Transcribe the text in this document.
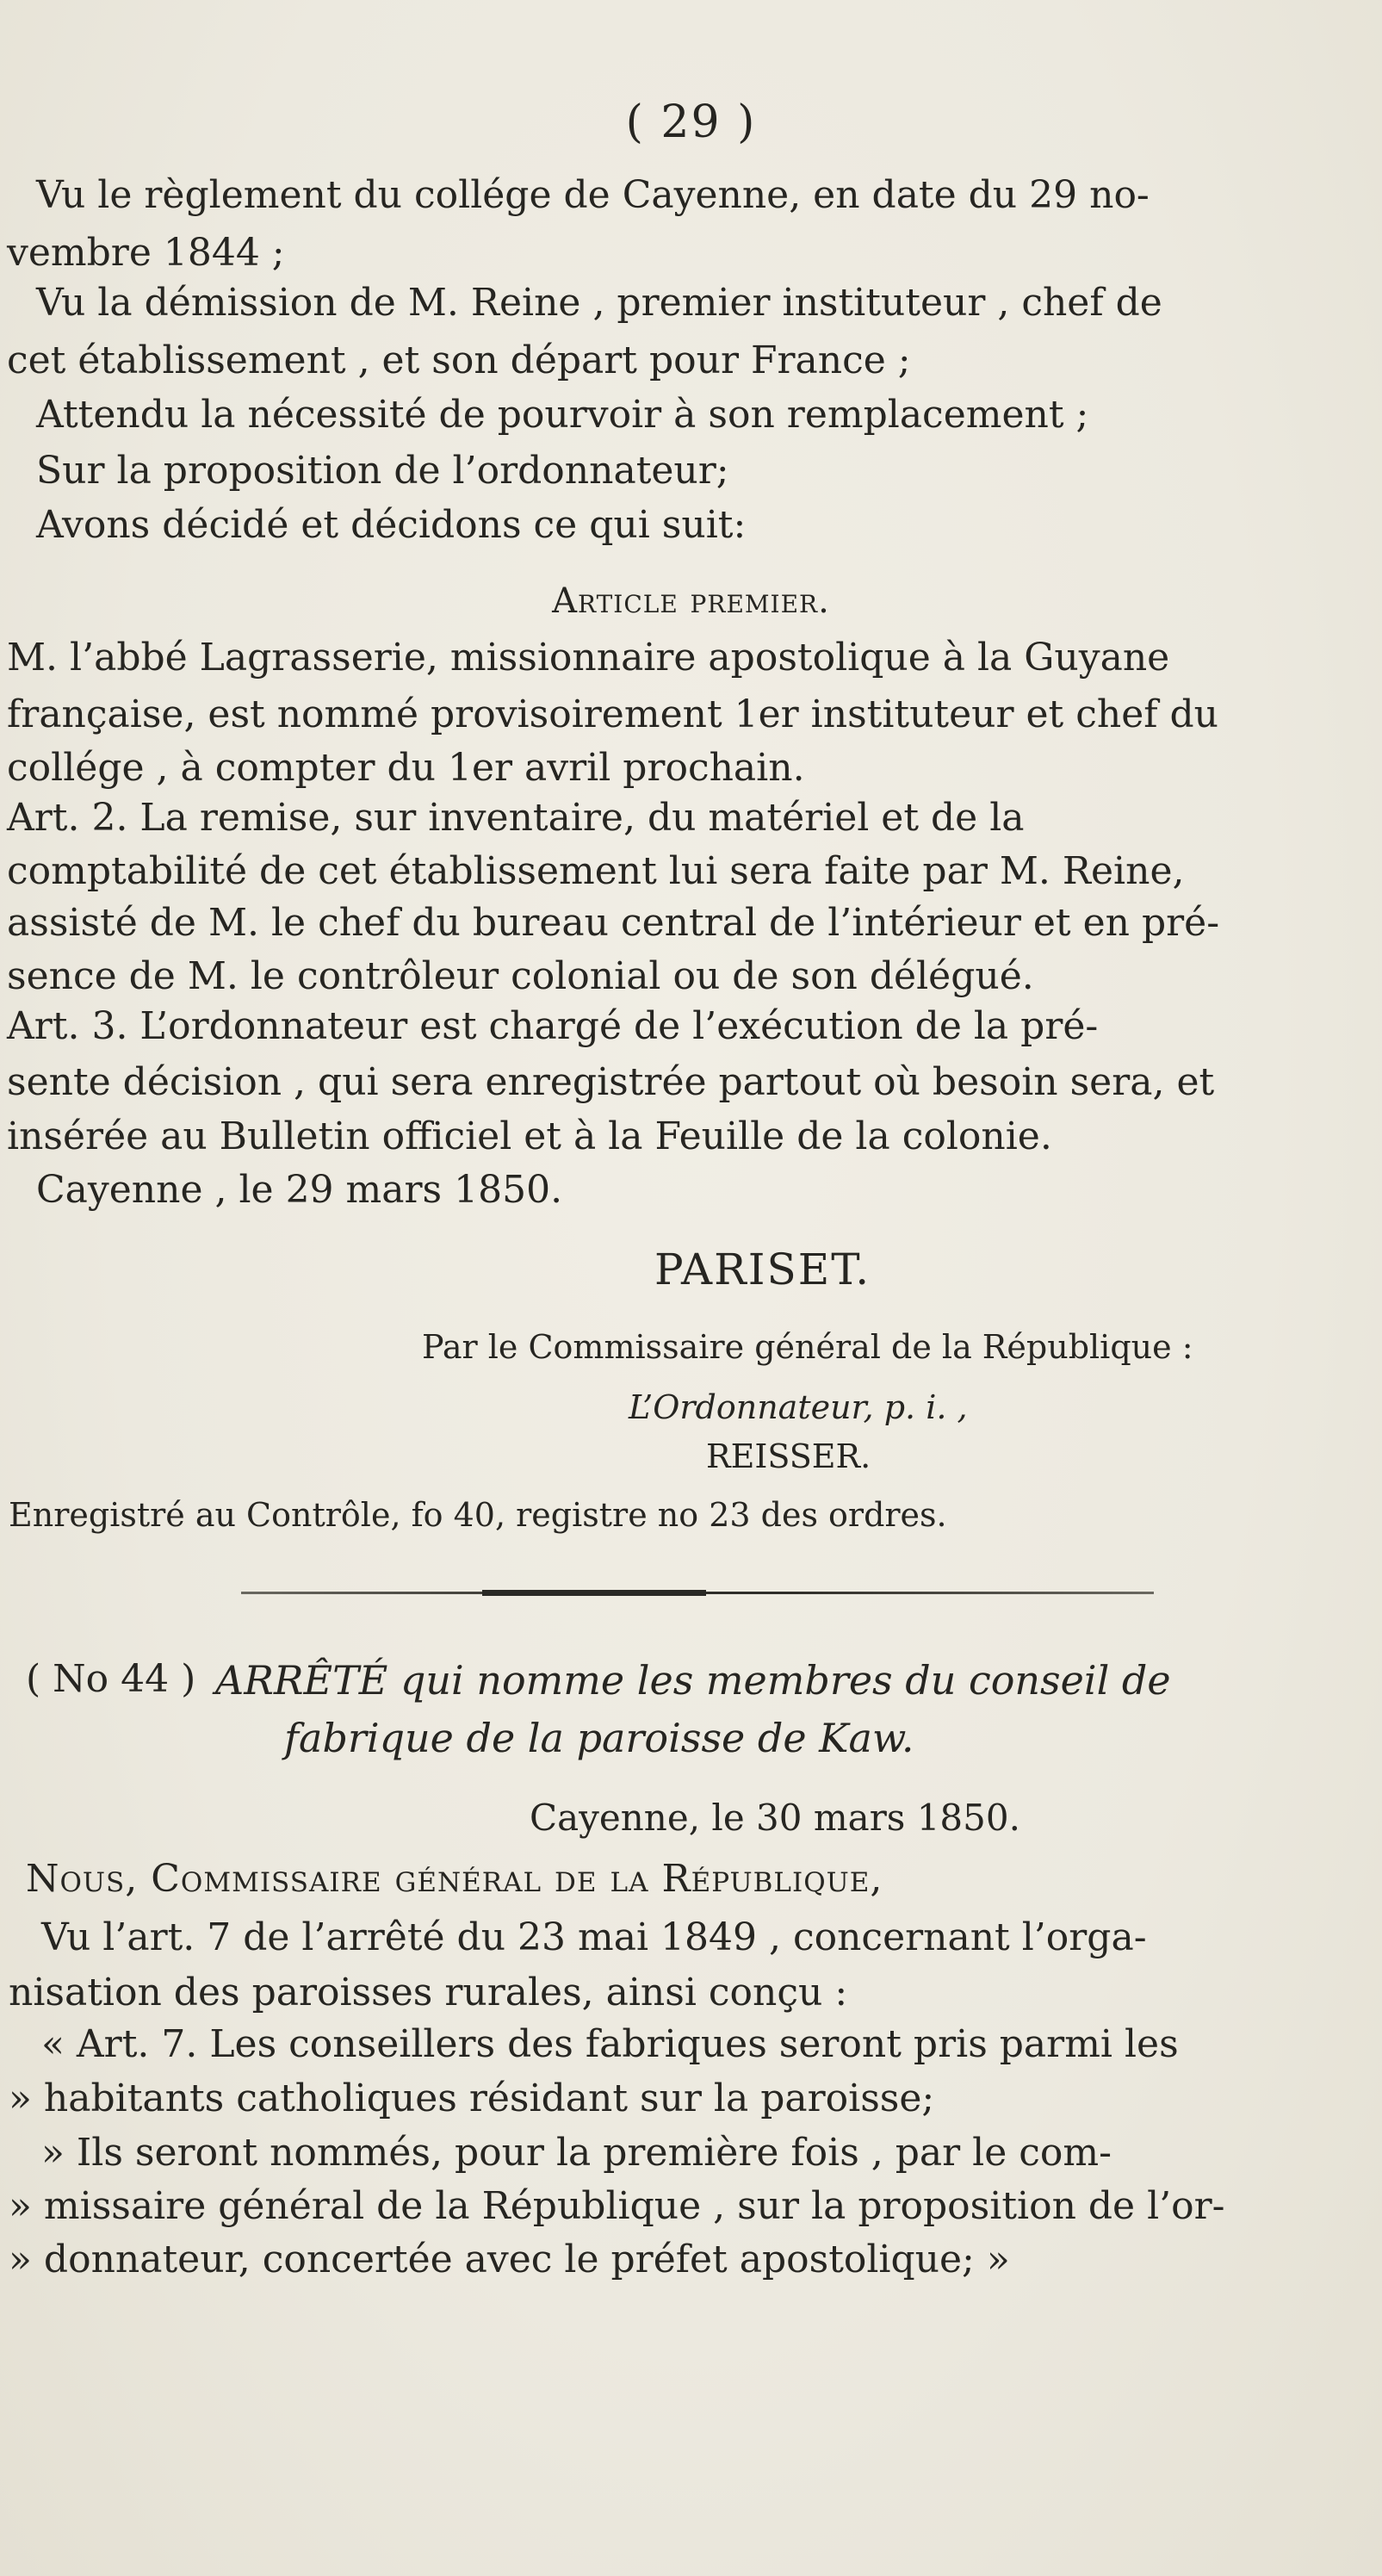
( 29 )
Vu le règlement du collége de Cayenne, en date du 29 no-
vembre 1844 ;
Vu la démission de M. Reine , premier instituteur , chef de
cet établissement , et son départ pour France ;
Attendu la nécessité de pourvoir à son remplacement ;
Sur la proposition de l’ordonnateur;
Avons décidé et décidons ce qui suit:
Article premier.
M. l’abbé Lagrasserie, missionnaire apostolique à la Guyane
française, est nommé provisoirement 1er instituteur et chef du
collége , à compter du 1er avril prochain.
Art. 2. La remise, sur inventaire, du matériel et de la
comptabilité de cet établissement lui sera faite par M. Reine,
assisté de M. le chef du bureau central de l’intérieur et en pré-
sence de M. le contrôleur colonial ou de son délégué.
Art. 3. L’ordonnateur est chargé de l’exécution de la pré-
sente décision , qui sera enregistrée partout où besoin sera, et
insérée au Bulletin officiel et à la Feuille de la colonie.
Cayenne , le 29 mars 1850.
PARISET.
Par le Commissaire général de la République :
L’Ordonnateur, p. i. ,
REISSER.
Enregistré au Contrôle, fo 40, registre no 23 des ordres.
( No 44 ) ARRÊTÉ qui nomme les membres du conseil de
fabrique de la paroisse de Kaw.
Cayenne, le 30 mars 1850.
Nous, Commissaire général de la République,
Vu l’art. 7 de l’arrêté du 23 mai 1849 , concernant l’orga-
nisation des paroisses rurales, ainsi conçu :
« Art. 7. Les conseillers des fabriques seront pris parmi les
» habitants catholiques résidant sur la paroisse;
» Ils seront nommés, pour la première fois , par le com-
» missaire général de la République , sur la proposition de l’or-
» donnateur, concertée avec le préfet apostolique; »
